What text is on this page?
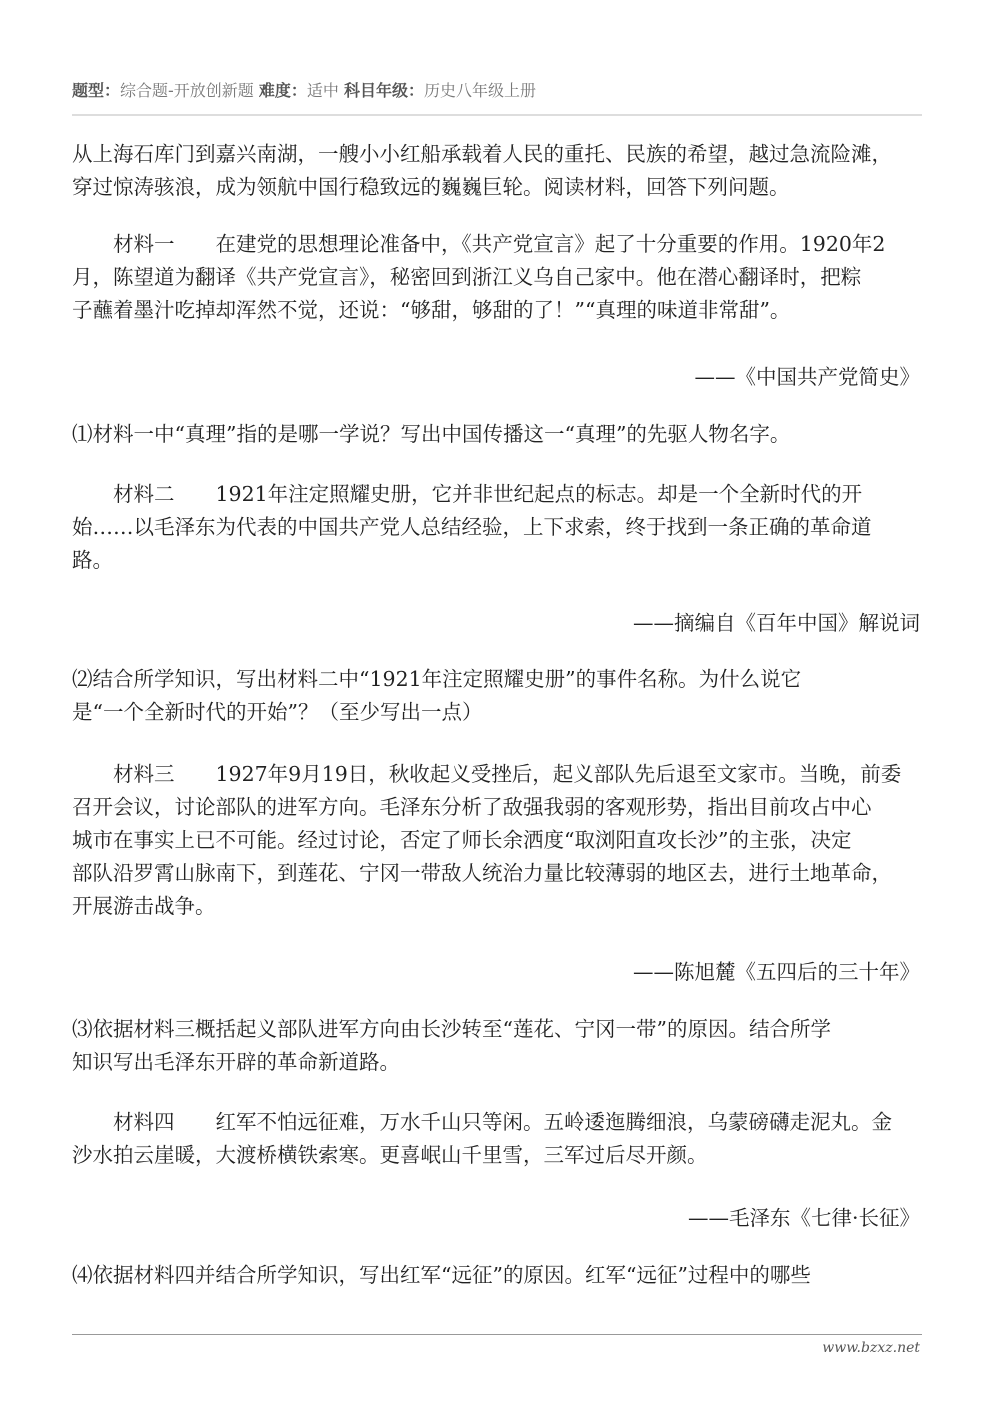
题型：综合题-开放创新题 难度：适中 科目年级：历史八年级上册
从上海石库门到嘉兴南湖，一艘小小红船承载着人民的重托、民族的希望，越过急流险滩，
穿过惊涛骇浪，成为领航中国行稳致远的巍巍巨轮。阅读材料，回答下列问题。
　　材料一　　在建党的思想理论准备中，《共产党宣言》起了十分重要的作用。1920年2
月，陈望道为翻译《共产党宣言》，秘密回到浙江义乌自己家中。他在潜心翻译时，把粽
子蘸着墨汁吃掉却浑然不觉，还说：“够甜，够甜的了！”“真理的味道非常甜”。
——《中国共产党简史》
⑴材料一中“真理”指的是哪一学说？写出中国传播这一“真理”的先驱人物名字。
　　材料二　　1921年注定照耀史册，它并非世纪起点的标志。却是一个全新时代的开
始……以毛泽东为代表的中国共产党人总结经验，上下求索，终于找到一条正确的革命道
路。
——摘编自《百年中国》解说词
⑵结合所学知识，写出材料二中“1921年注定照耀史册”的事件名称。为什么说它
是“一个全新时代的开始”？（至少写出一点）
　　材料三　　1927年9月19日，秋收起义受挫后，起义部队先后退至文家市。当晚，前委
召开会议，讨论部队的进军方向。毛泽东分析了敌强我弱的客观形势，指出目前攻占中心
城市在事实上已不可能。经过讨论，否定了师长余洒度“取浏阳直攻长沙”的主张，决定
部队沿罗霄山脉南下，到莲花、宁冈一带敌人统治力量比较薄弱的地区去，进行土地革命，
开展游击战争。
——陈旭麓《五四后的三十年》
⑶依据材料三概括起义部队进军方向由长沙转至“莲花、宁冈一带”的原因。结合所学
知识写出毛泽东开辟的革命新道路。
　　材料四　　红军不怕远征难，万水千山只等闲。五岭逶迤腾细浪，乌蒙磅礴走泥丸。金
沙水拍云崖暖，大渡桥横铁索寒。更喜岷山千里雪，三军过后尽开颜。
——毛泽东《七律·长征》
⑷依据材料四并结合所学知识，写出红军“远征”的原因。红军“远征”过程中的哪些
www.bzxz.net
